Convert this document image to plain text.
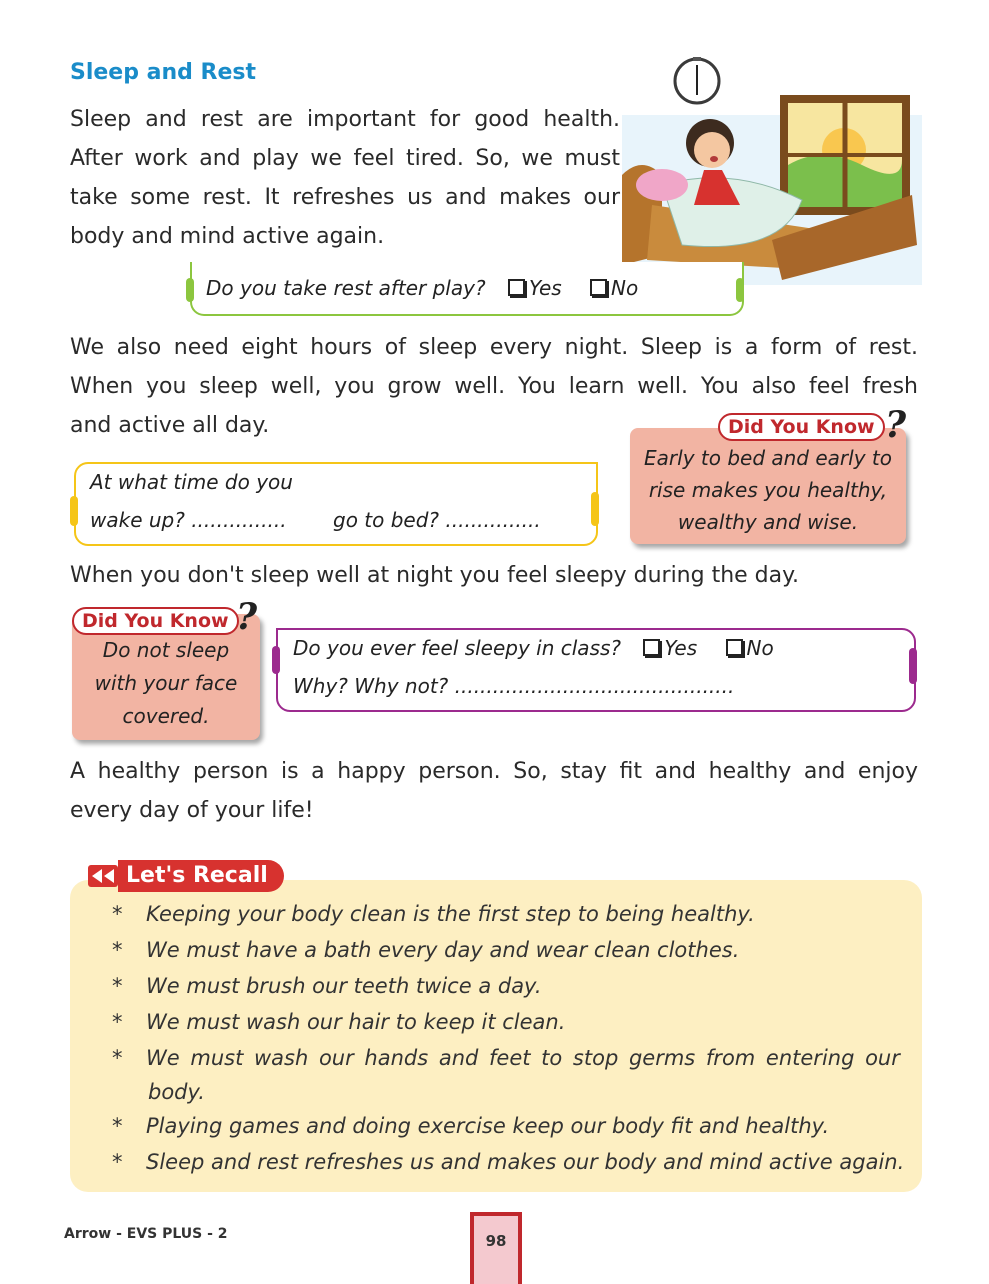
Sleep and Rest
Sleep and rest are important for good health.
After work and play we feel tired. So, we must
take some rest. It refreshes us and makes our
body and mind active again.
Do you take rest after play? Yes No
We also need eight hours of sleep every night. Sleep is a form of rest.
When you sleep well, you grow well. You learn well. You also feel fresh
and active all day.
At what time do you
wake up? ............... go to bed? ...............
Early to bed and early to
rise makes you healthy,
wealthy and wise.
Did You Know ?
When you don't sleep well at night you feel sleepy during the day.
Do not sleep
with your face
covered.
Did You Know ?
Do you ever feel sleepy in class? Yes No
Why? Why not? ............................................
A healthy person is a happy person. So, stay fit and healthy and enjoy
every day of your life!
Let's Recall
* Keeping your body clean is the first step to being healthy.
* We must have a bath every day and wear clean clothes.
* We must brush our teeth twice a day.
* We must wash our hair to keep it clean.
* We must wash our hands and feet to stop germs from entering our
body.
* Playing games and doing exercise keep our body fit and healthy.
* Sleep and rest refreshes us and makes our body and mind active again.
Arrow - EVS PLUS - 2	98
